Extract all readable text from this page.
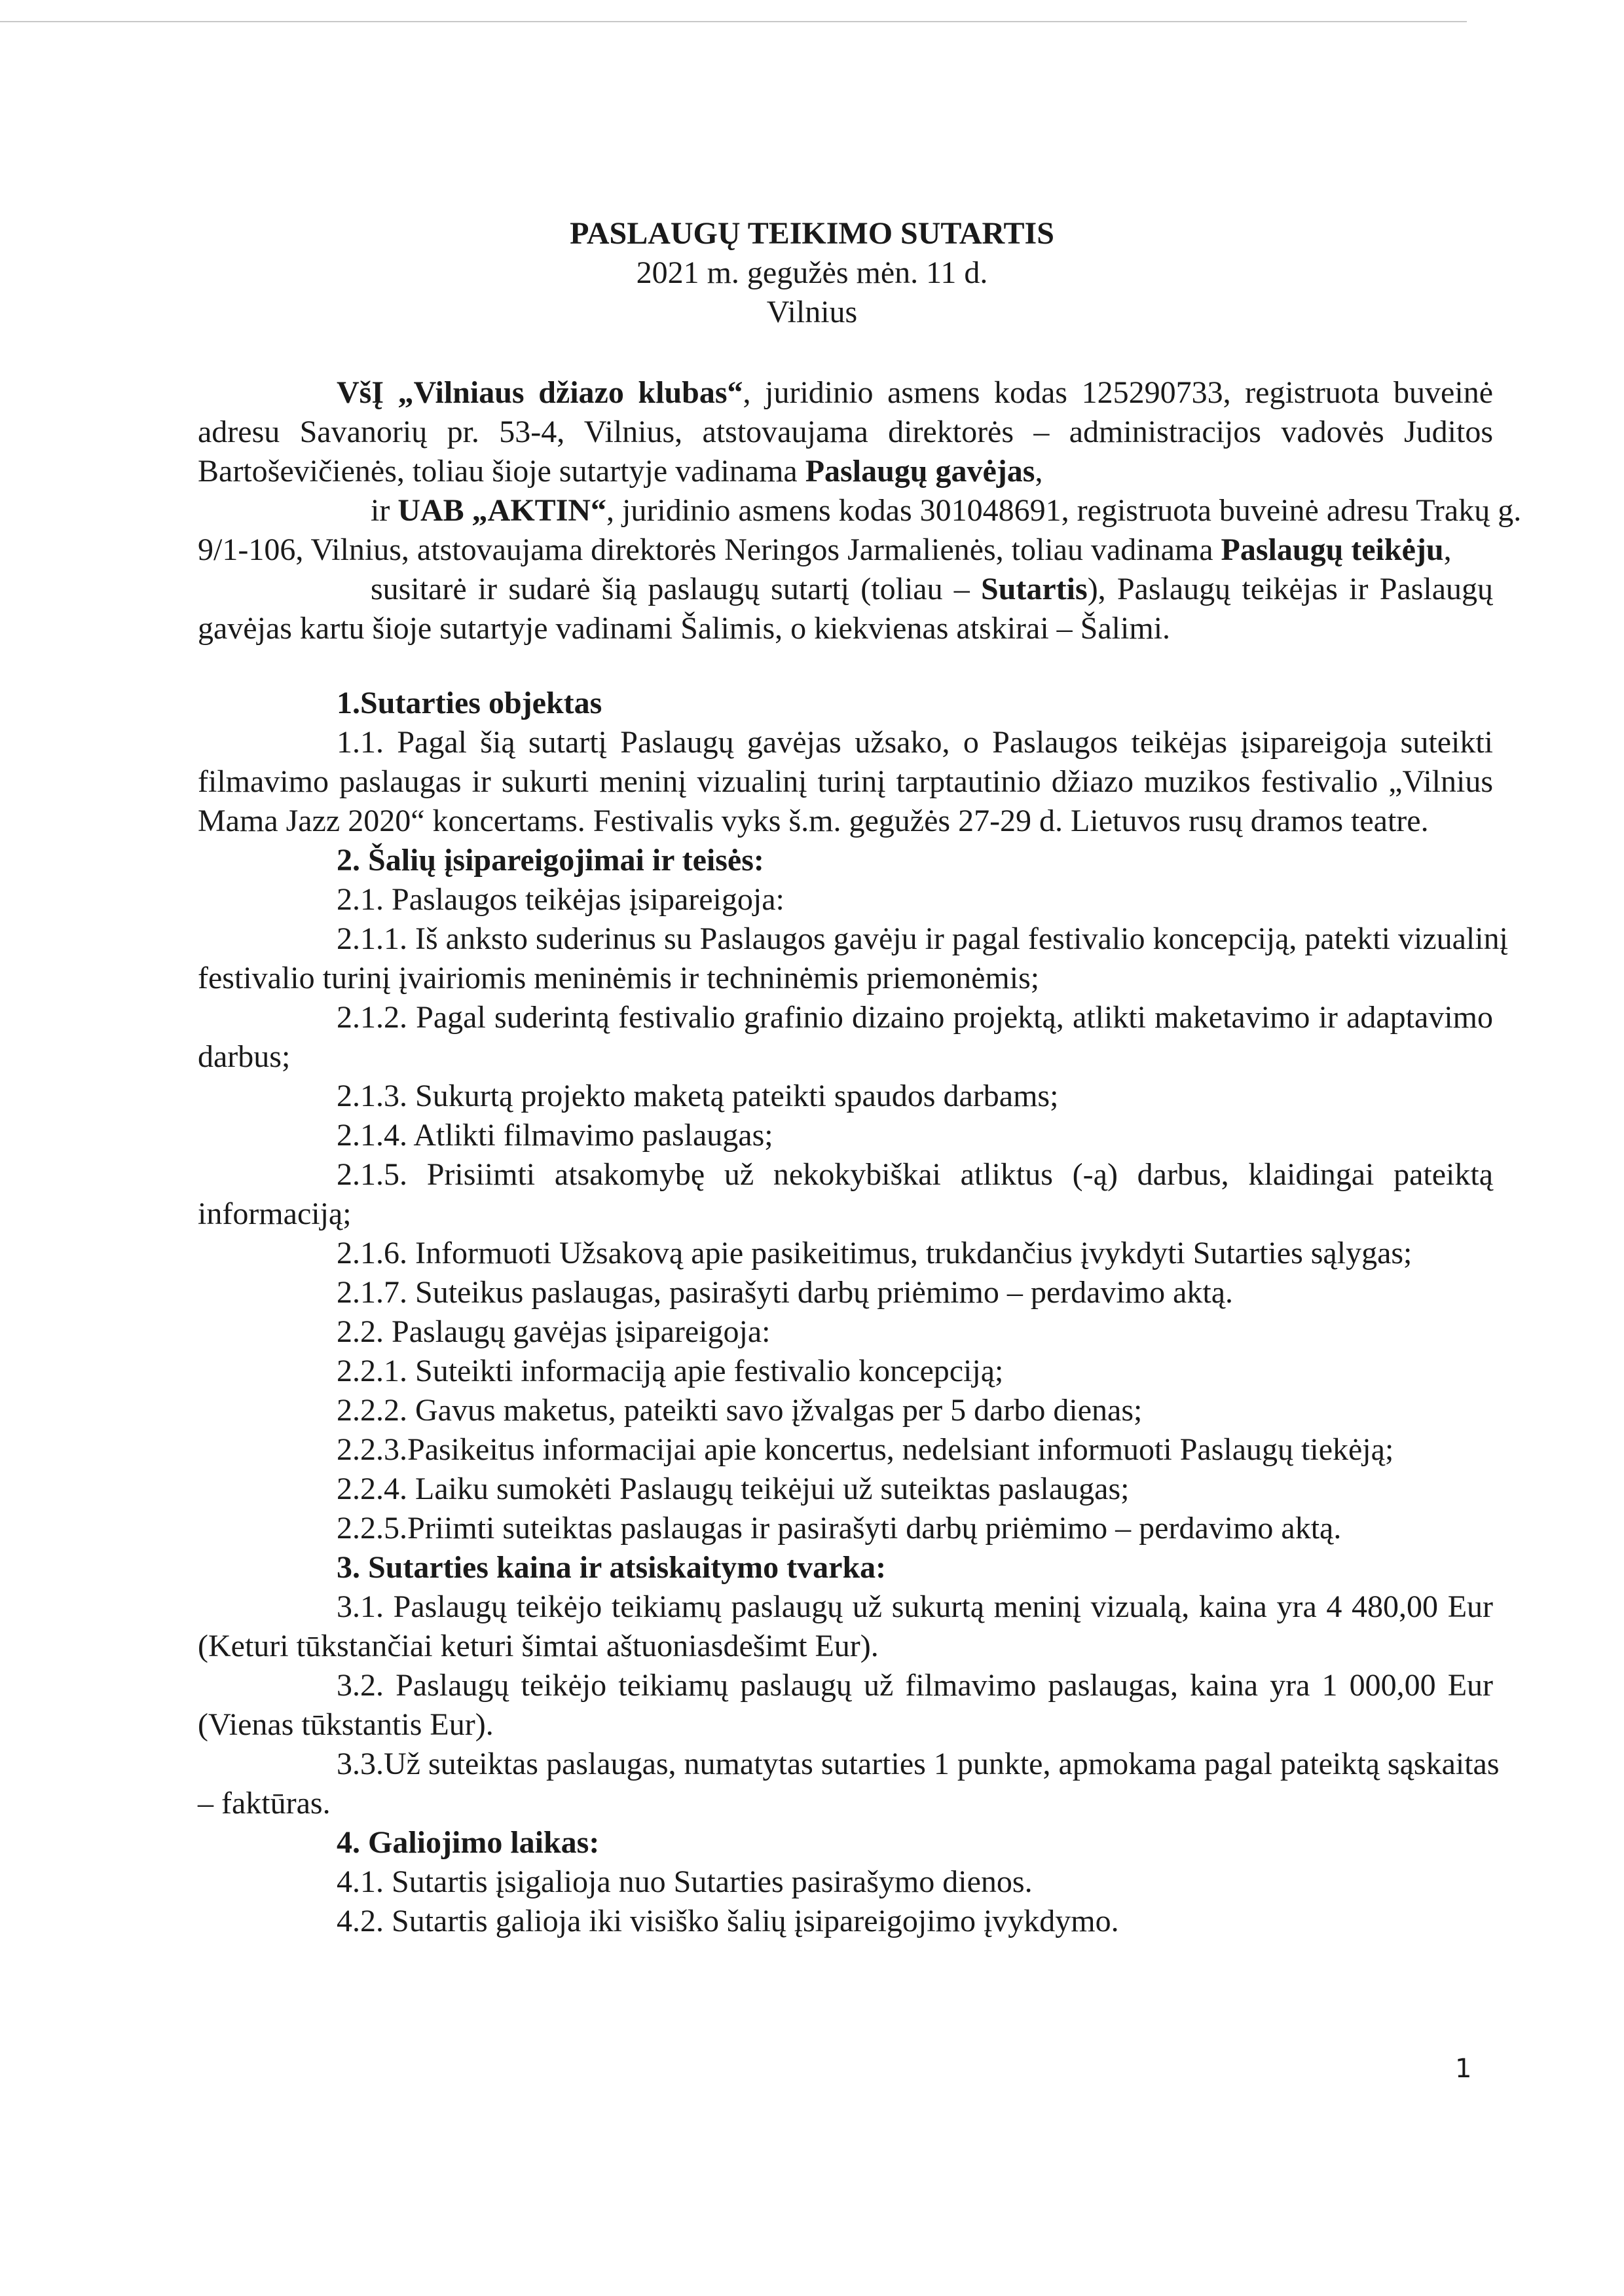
PASLAUGŲ TEIKIMO SUTARTIS
2021 m. gegužės mėn. 11 d.
Vilnius
VšĮ „Vilniaus džiazo klubas“, juridinio asmens kodas 125290733, registruota buveinė
adresu Savanorių pr. 53-4, Vilnius, atstovaujama direktorės – administracijos vadovės Juditos
Bartoševičienės, toliau šioje sutartyje vadinama Paslaugų gavėjas,
ir UAB „AKTIN“, juridinio asmens kodas 301048691, registruota buveinė adresu Trakų g.
9/1-106, Vilnius, atstovaujama direktorės Neringos Jarmalienės, toliau vadinama Paslaugų teikėju,
susitarė ir sudarė šią paslaugų sutartį (toliau – Sutartis), Paslaugų teikėjas ir Paslaugų
gavėjas kartu šioje sutartyje vadinami Šalimis, o kiekvienas atskirai – Šalimi.
1.Sutarties objektas
1.1. Pagal šią sutartį Paslaugų gavėjas užsako, o Paslaugos teikėjas įsipareigoja suteikti
filmavimo paslaugas ir sukurti meninį vizualinį turinį tarptautinio džiazo muzikos festivalio „Vilnius
Mama Jazz 2020“ koncertams. Festivalis vyks š.m. gegužės 27-29 d. Lietuvos rusų dramos teatre.
2. Šalių įsipareigojimai ir teisės:
2.1. Paslaugos teikėjas įsipareigoja:
2.1.1. Iš anksto suderinus su Paslaugos gavėju ir pagal festivalio koncepciją, patekti vizualinį
festivalio turinį įvairiomis meninėmis ir techninėmis priemonėmis;
2.1.2. Pagal suderintą festivalio grafinio dizaino projektą, atlikti maketavimo ir adaptavimo
darbus;
2.1.3. Sukurtą projekto maketą pateikti spaudos darbams;
2.1.4. Atlikti filmavimo paslaugas;
2.1.5. Prisiimti atsakomybę už nekokybiškai atliktus (-ą) darbus, klaidingai pateiktą
informaciją;
2.1.6. Informuoti Užsakovą apie pasikeitimus, trukdančius įvykdyti Sutarties sąlygas;
2.1.7. Suteikus paslaugas, pasirašyti darbų priėmimo – perdavimo aktą.
2.2. Paslaugų gavėjas įsipareigoja:
2.2.1. Suteikti informaciją apie festivalio koncepciją;
2.2.2. Gavus maketus, pateikti savo įžvalgas per 5 darbo dienas;
2.2.3.Pasikeitus informacijai apie koncertus, nedelsiant informuoti Paslaugų tiekėją;
2.2.4. Laiku sumokėti Paslaugų teikėjui už suteiktas paslaugas;
2.2.5.Priimti suteiktas paslaugas ir pasirašyti darbų priėmimo – perdavimo aktą.
3. Sutarties kaina ir atsiskaitymo tvarka:
3.1. Paslaugų teikėjo teikiamų paslaugų už sukurtą meninį vizualą, kaina yra 4 480,00 Eur
(Keturi tūkstančiai keturi šimtai aštuoniasdešimt Eur).
3.2. Paslaugų teikėjo teikiamų paslaugų už filmavimo paslaugas, kaina yra 1 000,00 Eur
(Vienas tūkstantis Eur).
3.3.Už suteiktas paslaugas, numatytas sutarties 1 punkte, apmokama pagal pateiktą sąskaitas
– faktūras.
4. Galiojimo laikas:
4.1. Sutartis įsigalioja nuo Sutarties pasirašymo dienos.
4.2. Sutartis galioja iki visiško šalių įsipareigojimo įvykdymo.
1
